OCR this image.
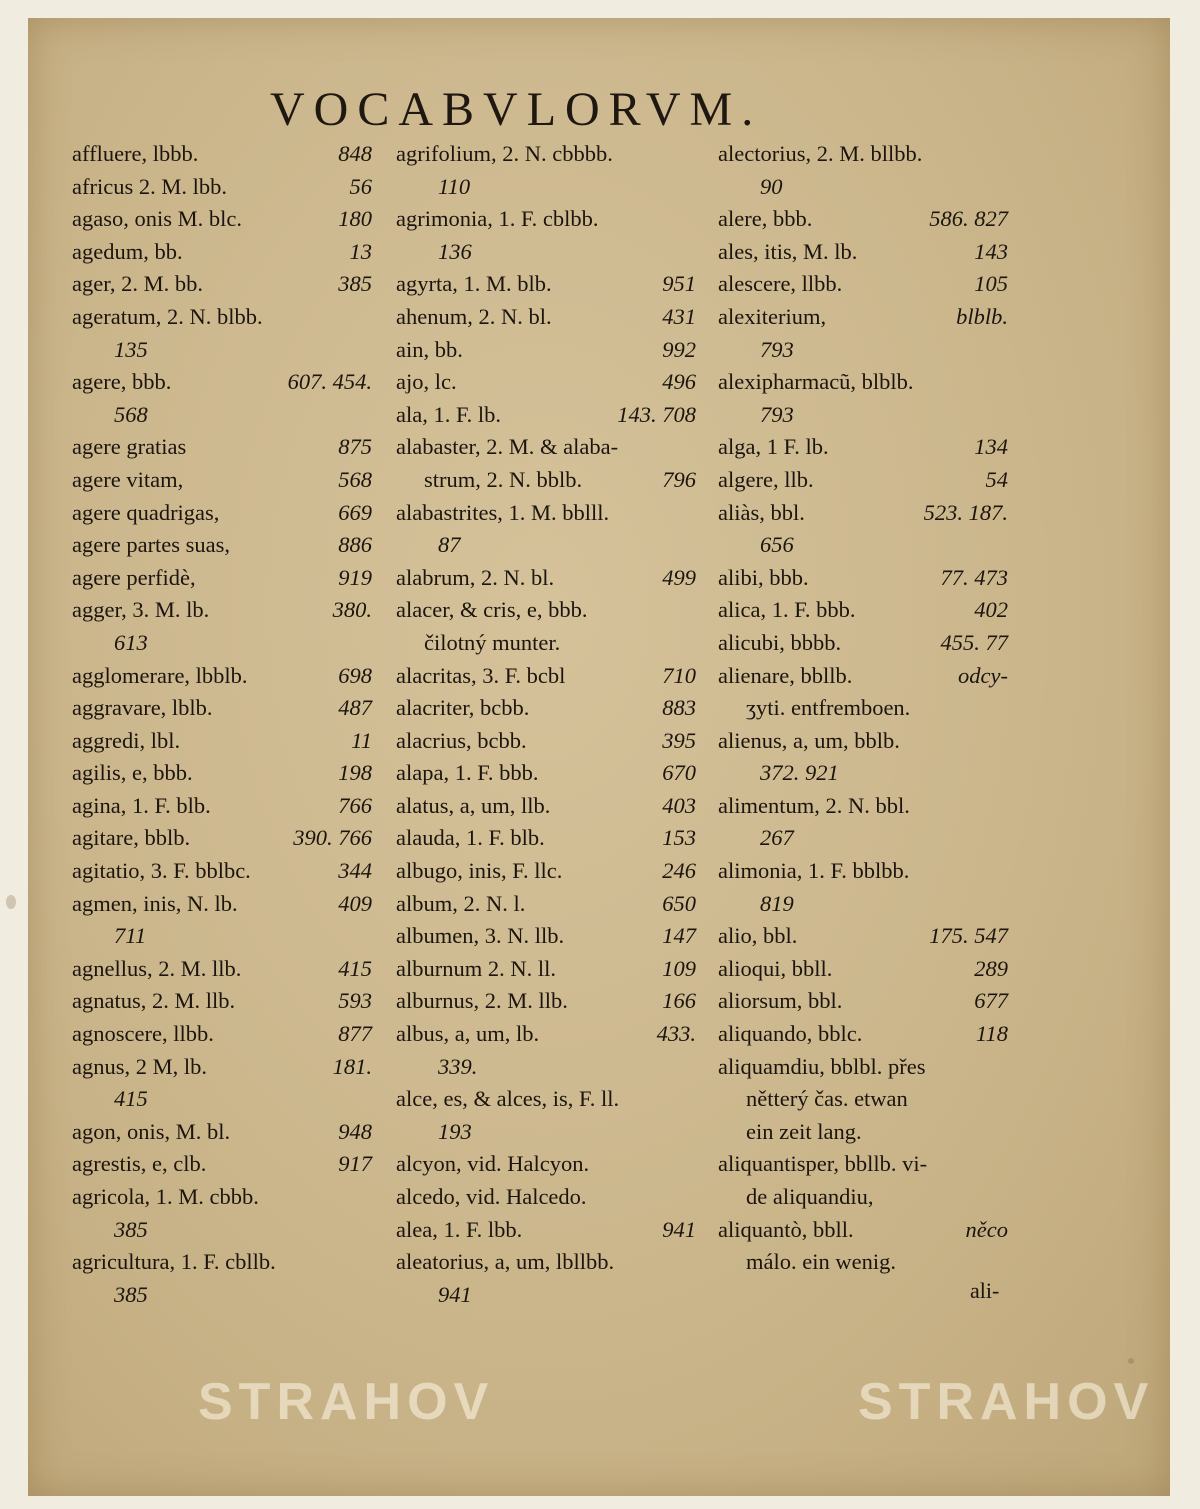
VOCABVLORVM.
affluere, lbbb.	848
africus 2. M. lbb.	56
agaso, onis M. blc.	180
agedum, bb.	13
ager, 2. M. bb.	385
ageratum, 2. N. blbb.
135
agere, bbb.	607. 454.
568
agere gratias	875
agere vitam,	568
agere quadrigas,	669
agere partes suas,	886
agere perfidè,	919
agger, 3. M. lb.	380.
613
agglomerare, lbblb.	698
aggravare, lblb.	487
aggredi, lbl.	11
agilis, e, bbb.	198
agina, 1. F. blb.	766
agitare, bblb.	390. 766
agitatio, 3. F. bblbc.	344
agmen, inis, N. lb.	409
711
agnellus, 2. M. llb.	415
agnatus, 2. M. llb.	593
agnoscere, llbb.	877
agnus, 2 M, lb.	181.
415
agon, onis, M. bl.	948
agrestis, e, clb.	917
agricola, 1. M. cbbb.
385
agricultura, 1. F. cbllb.
385
agrifolium, 2. N. cbbbb.
110
agrimonia, 1. F. cblbb.
136
agyrta, 1. M. blb.	951
ahenum, 2. N. bl.	431
ain, bb.	992
ajo, lc.	496
ala, 1. F. lb.	143. 708
alabaster, 2. M. & alaba-
strum, 2. N. bblb.	796
alabastrites, 1. M. bblll.
87
alabrum, 2. N. bl.	499
alacer, & cris, e, bbb.
čilotný munter.
alacritas, 3. F. bcbl	710
alacriter, bcbb.	883
alacrius, bcbb.	395
alapa, 1. F. bbb.	670
alatus, a, um, llb.	403
alauda, 1. F. blb.	153
albugo, inis, F. llc.	246
album, 2. N. l.	650
albumen, 3. N. llb.	147
alburnum 2. N. ll.	109
alburnus, 2. M. llb.	166
albus, a, um, lb.	433.
339.
alce, es, & alces, is, F. ll.
193
alcyon, vid. Halcyon.
alcedo, vid. Halcedo.
alea, 1. F. lbb.	941
aleatorius, a, um, lbllbb.
941
alectorius, 2. M. bllbb.
90
alere, bbb.	586. 827
ales, itis, M. lb.	143
alescere, llbb.	105
alexiterium,	blblb.
793
alexipharmacũ, blblb.
793
alga, 1 F. lb.	134
algere, llb.	54
aliàs, bbl.	523. 187.
656
alibi, bbb.	77. 473
alica, 1. F. bbb.	402
alicubi, bbbb.	455. 77
alienare, bbllb.	odcy-
ʒyti. entfremboen.
alienus, a, um, bblb.
372. 921
alimentum, 2. N. bbl.
267
alimonia, 1. F. bblbb.
819
alio, bbl.	175. 547
alioqui, bbll.	289
aliorsum, bbl.	677
aliquando, bblc.	118
aliquamdiu, bblbl. přes
nětterý čas. etwan
ein zeit lang.
aliquantisper, bbllb. vi-
de aliquandiu,
aliquantò, bbll.	něco
málo. ein wenig.
ali-
STRAHOV	STRAHOV
